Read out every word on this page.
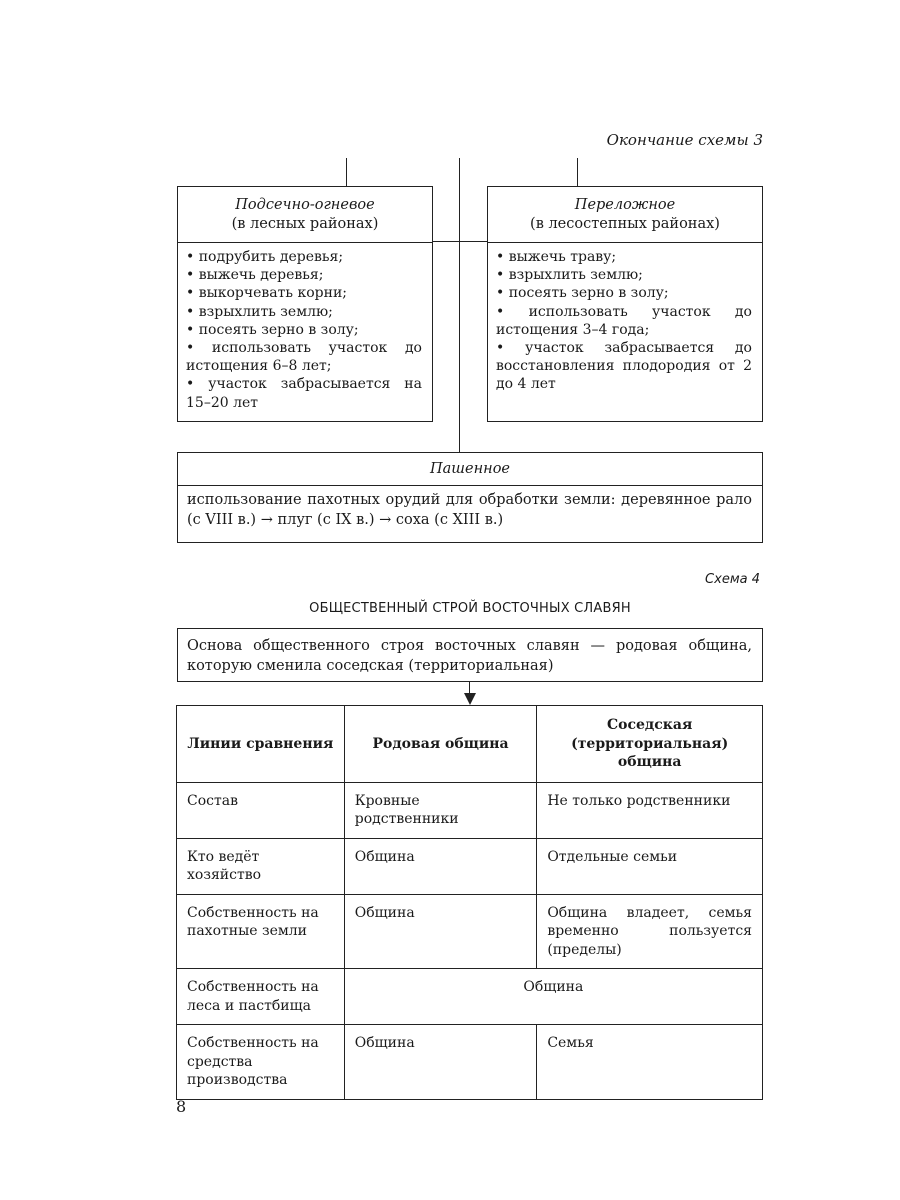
Окончание схемы 3
Подсечно-огневое
(в лесных районах)
• подрубить деревья;
• выжечь деревья;
• выкорчевать корни;
• взрыхлить землю;
• посеять зерно в золу;
• использовать участок до истощения 6–8 лет;
• участок забрасывается на 15–20 лет
Переложное
(в лесостепных районах)
• выжечь траву;
• взрыхлить землю;
• посеять зерно в золу;
• использовать участок до истощения 3–4 года;
• участок забрасывается до восстановления плодородия от 2 до 4 лет
Пашенное
использование пахотных орудий для обработки земли: деревянное рало (с VIII в.) → плуг (с IX в.) → соха (с XIII в.)
Схема 4
ОБЩЕСТВЕННЫЙ СТРОЙ ВОСТОЧНЫХ СЛАВЯН
Основа общественного строя восточных славян — родовая община, которую сменила соседская (территориальная)
Линии сравнения	Родовая община	Соседская (территориальная) община
Состав	Кровные родственники	Не только родственники
Кто ведёт хозяйство	Община	Отдельные семьи
Собственность на пахотные земли	Община	Община владеет, семья временно пользуется (пределы)
Собственность на леса и пастбища	Община	
Собственность на средства производства	Община	Семья
8
